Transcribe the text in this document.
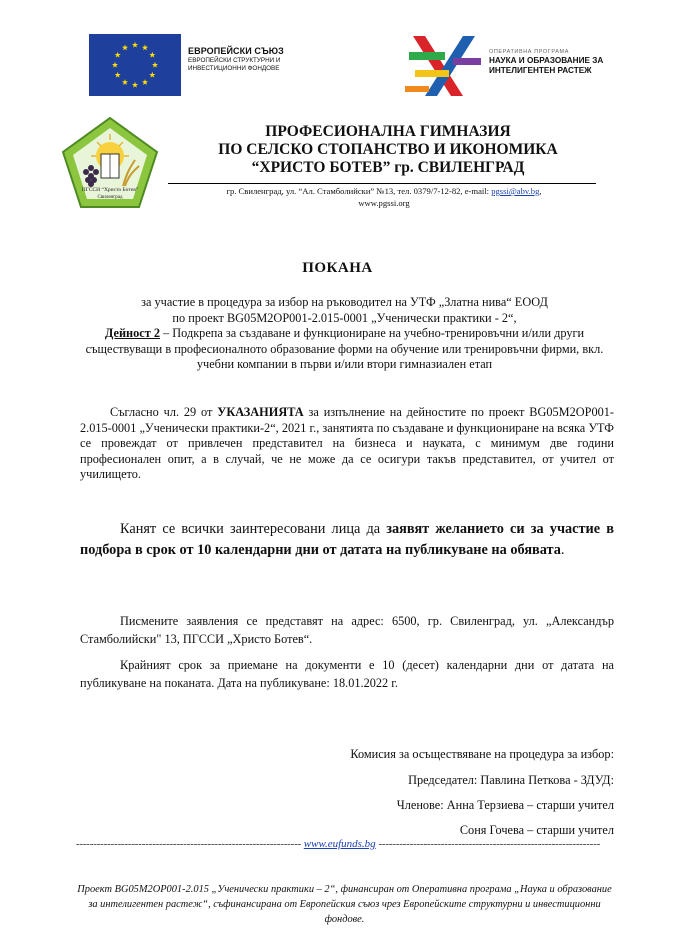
ЕВРОПЕЙСКИ СЪЮЗ
ЕВРОПЕЙСКИ СТРУКТУРНИ И
ИНВЕСТИЦИОННИ ФОНДОВЕ
ОПЕРАТИВНА ПРОГРАМА
НАУКА И ОБРАЗОВАНИЕ ЗА
ИНТЕЛИГЕНТЕН РАСТЕЖ
ПГССИ “Христо Ботев”
Свиленград
ПРОФЕСИОНАЛНА ГИМНАЗИЯ
ПО СЕЛСКО СТОПАНСТВО И ИКОНОМИКА
“ХРИСТО БОТЕВ” гр. СВИЛЕНГРАД
гр. Свиленград, ул. “Ал. Стамболийски” №13, тел. 0379/7-12-82, e-mail: pgssi@abv.bg,
www.pgssi.org
ПОКАНА
за участие в процедура за избор на ръководител на УТФ „Златна нива“ ЕООД
по проект BG05M2OP001-2.015-0001 „Ученически практики - 2“,
Дейност 2 – Подкрепа за създаване и функциониране на учебно-тренировъчни и/или други съществуващи в професионалното образование форми на обучение или тренировъчни фирми, вкл. учебни компании в първи и/или втори гимназиален етап
Съгласно чл. 29 от УКАЗАНИЯТА за изпълнение на дейностите по проект BG05M2OP001-2.015-0001 „Ученически практики-2“, 2021 г., занятията по създаване и функциониране на всяка УТФ се провеждат от привлечен представител на бизнеса и науката, с минимум две години професионален опит, а в случай, че не може да се осигури такъв представител, от учител от училището.
Канят се всички заинтересовани лица да заявят желанието си за участие в подбора в срок от 10 календарни дни от датата на публикуване на обявата.
Писмените заявления се представят на адрес: 6500, гр. Свиленград, ул. „Александър Стамболийски" 13, ПГССИ „Христо Ботев“.
Крайният срок за приемане на документи е 10 (десет) календарни дни от датата на публикуване на поканата. Дата на публикуване: 18.01.2022 г.
Комисия за осъществяване на процедура за избор:
Председател: Павлина Петкова - ЗДУД:
Членове: Анна Терзиева – старши учител
Соня Гочева – старши учител
----------------------------------------------------------------- www.eufunds.bg ----------------------------------------------------------------
Проект BG05M2OP001-2.015 „Ученически практики – 2“, финансиран от Оперативна програма „Наука и образование за интелигентен растеж“, съфинансирана от Европейския съюз чрез Европейските структурни и инвестиционни фондове.
